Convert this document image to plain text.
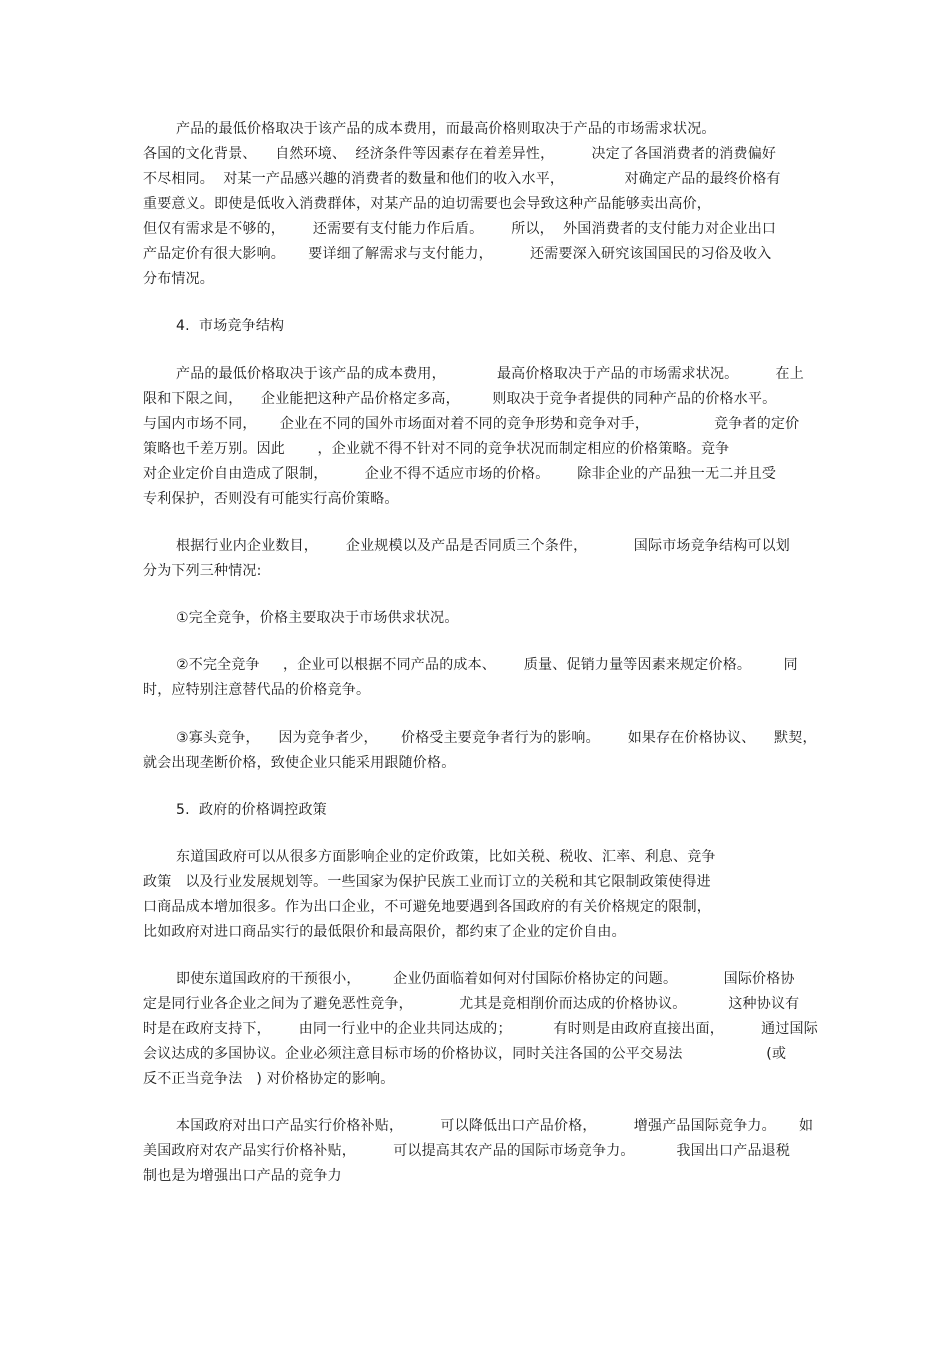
产品的最低价格取决于该产品的成本费用，而最高价格则取决于产品的市场需求状况。
各国的文化背景、    自然环境、  经济条件等因素存在着差异性，        决定了各国消费者的消费偏好
不尽相同。  对某一产品感兴趣的消费者的数量和他们的收入水平，             对确定产品的最终价格有
重要意义。即使是低收入消费群体，对某产品的迫切需要也会导致这种产品能够卖出高价，
但仅有需求是不够的，      还需要有支付能力作后盾。      所以，  外国消费者的支付能力对企业出口
产品定价有很大影响。     要详细了解需求与支付能力，        还需要深入研究该国国民的习俗及收入
分布情况。
4.  市场竞争结构
产品的最低价格取决于该产品的成本费用，           最高价格取决于产品的市场需求状况。        在上
限和下限之间，    企业能把这种产品价格定多高，       则取决于竞争者提供的同种产品的价格水平。
与国内市场不同，     企业在不同的国外市场面对着不同的竞争形势和竞争对手，              竞争者的定价
策略也千差万别。因此       ，企业就不得不针对不同的竞争状况而制定相应的价格策略。竞争
对企业定价自由造成了限制，        企业不得不适应市场的价格。      除非企业的产品独一无二并且受
专利保护，否则没有可能实行高价策略。
根据行业内企业数目，      企业规模以及产品是否同质三个条件，          国际市场竞争结构可以划
分为下列三种情况:
①完全竞争，价格主要取决于市场供求状况。
②不完全竞争     ，企业可以根据不同产品的成本、      质量、促销力量等因素来规定价格。       同
时，应特别注意替代品的价格竞争。
③寡头竞争，    因为竞争者少，     价格受主要竞争者行为的影响。      如果存在价格协议、    默契，
就会出现垄断价格，致使企业只能采用跟随价格。
5.  政府的价格调控政策
东道国政府可以从很多方面影响企业的定价政策，比如关税、税收、汇率、利息、竞争
政策   以及行业发展规划等。一些国家为保护民族工业而订立的关税和其它限制政策使得进
口商品成本增加很多。作为出口企业，不可避免地要遇到各国政府的有关价格规定的限制，
比如政府对进口商品实行的最低限价和最高限价，都约束了企业的定价自由。
即使东道国政府的干预很小，       企业仍面临着如何对付国际价格协定的问题。          国际价格协
定是同行业各企业之间为了避免恶性竞争，          尤其是竞相削价而达成的价格协议。         这种协议有
时是在政府支持下，      由同一行业中的企业共同达成的；         有时则是由政府直接出面，        通过国际
会议达成的多国协议。企业必须注意目标市场的价格协议，同时关注各国的公平交易法                  (或
反不正当竞争法   ) 对价格协定的影响。
本国政府对出口产品实行价格补贴，        可以降低出口产品价格，        增强产品国际竞争力。     如
美国政府对农产品实行价格补贴，        可以提高其农产品的国际市场竞争力。         我国出口产品退税
制也是为增强出口产品的竞争力
